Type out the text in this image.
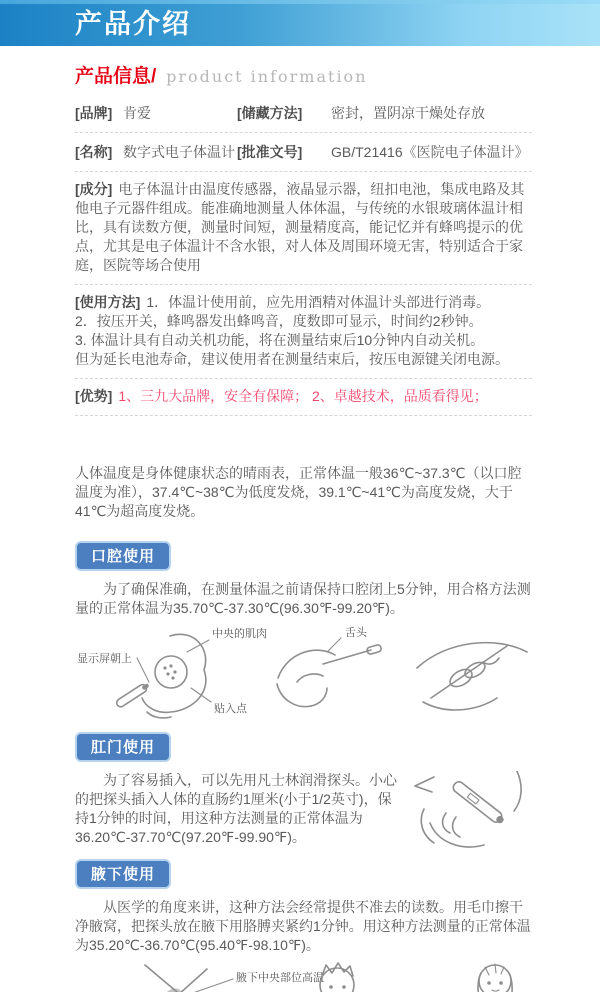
产品介绍
产品信息/ product information
[品牌] 肯爱	[储藏方法]	密封，置阴凉干燥处存放
[名称] 数字式电子体温计 [批准文号]	GB/T21416《医院电子体温计》

[成分] 电子体温计由温度传感器，液晶显示器，纽扣电池，集成电路及其他电子元器件组成。能准确地测量人体体温，与传统的水银玻璃体温计相比，具有读数方便，测量时间短，测量精度高，能记忆并有蜂鸣提示的优点，尤其是电子体温计不含水银，对人体及周围环境无害，特别适合于家庭，医院等场合使用

[使用方法] 1．体温计使用前，应先用酒精对体温计头部进行消毒。
2．按压开关，蜂鸣器发出蜂鸣音，度数即可显示，时间约2秒钟。
3. 体温计具有自动关机功能，将在测量结束后10分钟内自动关机。
但为延长电池寿命，建议使用者在测量结束后，按压电源键关闭电源。

[优势] 1、三九大品牌，安全有保障； 2、卓越技术，品质看得见；

人体温度是身体健康状态的晴雨表，正常体温一般36℃~37.3℃（以口腔温度为准），37.4℃~38℃为低度发烧，39.1℃~41℃为高度发烧，大于41℃为超高度发烧。

口腔使用

为了确保准确，在测量体温之前请保持口腔闭上5分钟，用合格方法测量的正常体温为35.70℃-37.30℃(96.30℉-99.20℉)。

显示屏朝上
中央的肌肉
贴入点
舌头
肛门使用

为了容易插入，可以先用凡士林润滑探头。小心的把探头插入人体的直肠约1厘米(小于1/2英寸)，保持1分钟的时间，用这种方法测量的正常体温为36.20℃-37.70℃(97.20℉-99.90℉)。

腋下使用

从医学的角度来讲，这种方法会经常提供不准去的读数。用毛巾擦干净腋窝，把探头放在腋下用胳膊夹紧约1分钟。用这种方法测量的正常体温为35.20℃-36.70℃(95.40℉-98.10℉)。

腋下中央部位高温
